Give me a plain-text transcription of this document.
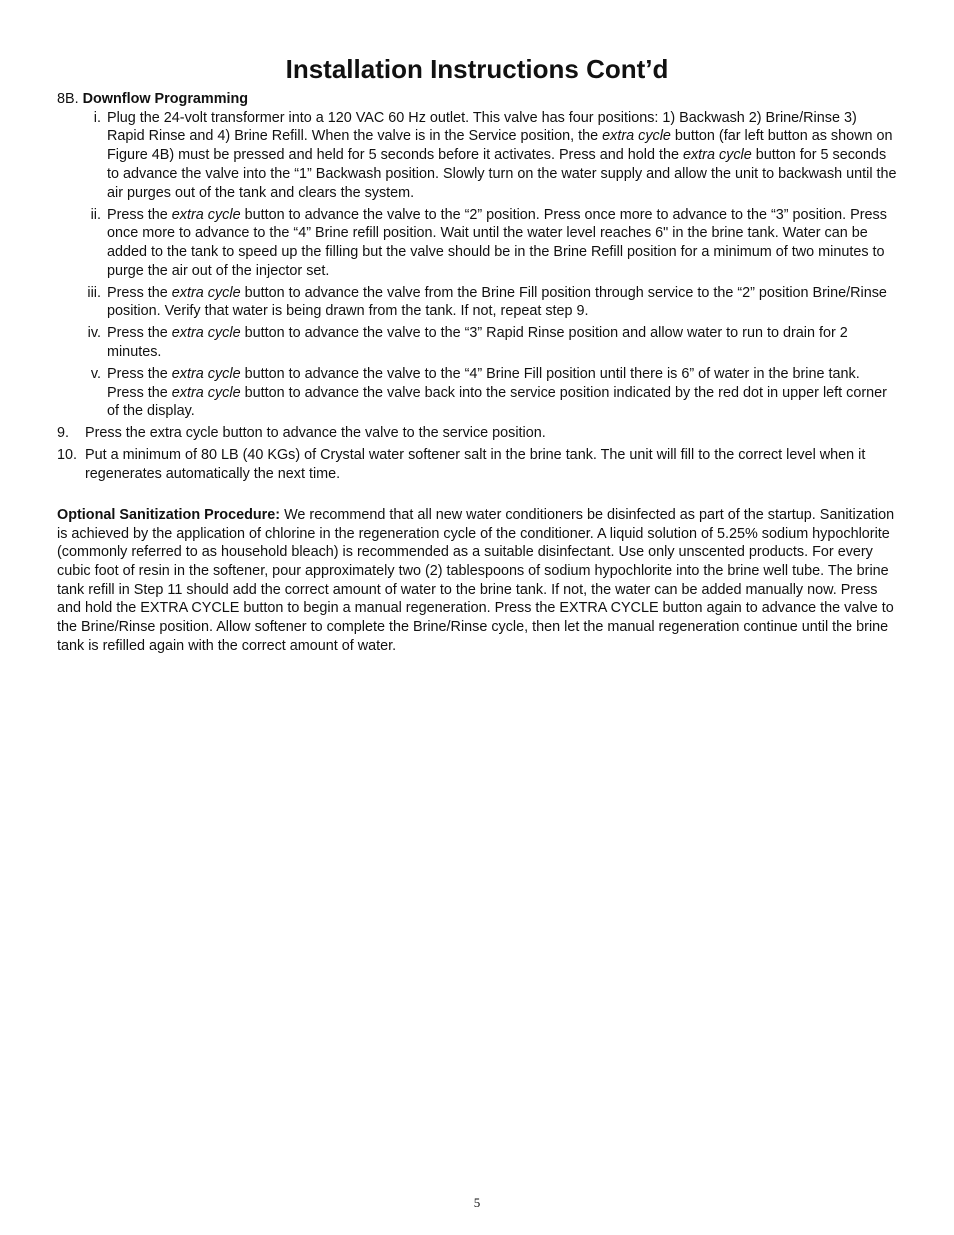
Installation Instructions Cont’d

8B. Downflow Programming

i. Plug the 24-volt transformer into a 120 VAC 60 Hz outlet. This valve has four positions: 1) Backwash 2) Brine/Rinse 3) Rapid Rinse and 4) Brine Refill. When the valve is in the Service position, the extra cycle button (far left button as shown on Figure 4B) must be pressed and held for 5 seconds before it activates. Press and hold the extra cycle button for 5 seconds to advance the valve into the “1” Backwash position. Slowly turn on the water supply and allow the unit to backwash until the air purges out of the tank and clears the system.
ii. Press the extra cycle button to advance the valve to the “2” position. Press once more to advance to the “3” position. Press once more to advance to the “4” Brine refill position. Wait until the water level reaches 6" in the brine tank. Water can be added to the tank to speed up the filling but the valve should be in the Brine Refill position for a minimum of two minutes to purge the air out of the injector set.
iii. Press the extra cycle button to advance the valve from the Brine Fill position through service to the “2” position Brine/Rinse position. Verify that water is being drawn from the tank. If not, repeat step 9.
iv. Press the extra cycle button to advance the valve to the “3” Rapid Rinse position and allow water to run to drain for 2 minutes.
v. Press the extra cycle button to advance the valve to the “4” Brine Fill position until there is 6” of water in the brine tank. Press the extra cycle button to advance the valve back into the service position indicated by the red dot in upper left corner of the display.
9. Press the extra cycle button to advance the valve to the service position.
10. Put a minimum of 80 LB (40 KGs) of Crystal water softener salt in the brine tank. The unit will fill to the correct level when it regenerates automatically the next time.

Optional Sanitization Procedure: We recommend that all new water conditioners be disinfected as part of the startup. Sanitization is achieved by the application of chlorine in the regeneration cycle of the conditioner. A liquid solution of 5.25% sodium hypochlorite (commonly referred to as household bleach) is recommended as a suitable disinfectant. Use only unscented products. For every cubic foot of resin in the softener, pour approximately two (2) tablespoons of sodium hypochlorite into the brine well tube. The brine tank refill in Step 11 should add the correct amount of water to the brine tank. If not, the water can be added manually now. Press and hold the EXTRA CYCLE button to begin a manual regeneration. Press the EXTRA CYCLE button again to advance the valve to the Brine/Rinse position. Allow softener to complete the Brine/Rinse cycle, then let the manual regeneration continue until the brine tank is refilled again with the correct amount of water.

5
